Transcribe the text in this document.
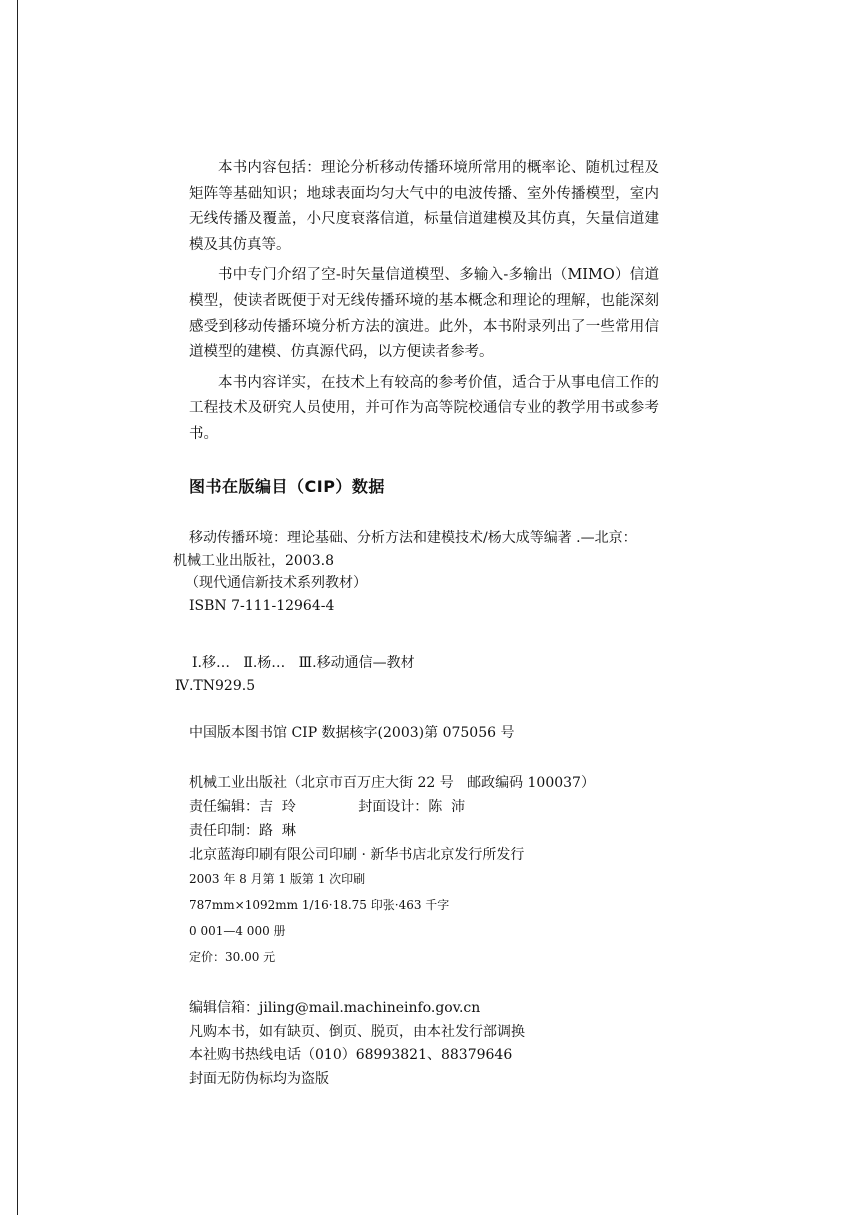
本书内容包括：理论分析移动传播环境所常用的概率论、随机过程及矩阵等基础知识；地球表面均匀大气中的电波传播、室外传播模型，室内无线传播及覆盖，小尺度衰落信道，标量信道建模及其仿真，矢量信道建模及其仿真等。

书中专门介绍了空-时矢量信道模型、多输入-多输出（MIMO）信道模型，使读者既便于对无线传播环境的基本概念和理论的理解，也能深刻感受到移动传播环境分析方法的演进。此外，本书附录列出了一些常用信道模型的建模、仿真源代码，以方便读者参考。

本书内容详实，在技术上有较高的参考价值，适合于从事电信工作的工程技术及研究人员使用，并可作为高等院校通信专业的教学用书或参考书。

图书在版编目（CIP）数据

移动传播环境：理论基础、分析方法和建模技术/杨大成等编著 .—北京：

机械工业出版社，2003.8

（现代通信新技术系列教材）

ISBN 7-111-12964-4

Ⅰ.移…   Ⅱ.杨…   Ⅲ.移动通信—教材

Ⅳ.TN929.5

中国版本图书馆 CIP 数据核字(2003)第 075056 号
机械工业出版社（北京市百万庄大街 22 号   邮政编码 100037）
责任编辑：吉  玲              封面设计：陈  沛
责任印制：路  琳
北京蓝海印刷有限公司印刷 · 新华书店北京发行所发行
2003 年 8 月第 1 版第 1 次印刷
787mm×1092mm 1/16·18.75 印张·463 千字
0 001—4 000 册
定价：30.00 元

编辑信箱：jiling@mail.machineinfo.gov.cn

凡购本书，如有缺页、倒页、脱页，由本社发行部调换

本社购书热线电话（010）68993821、88379646

封面无防伪标均为盗版
